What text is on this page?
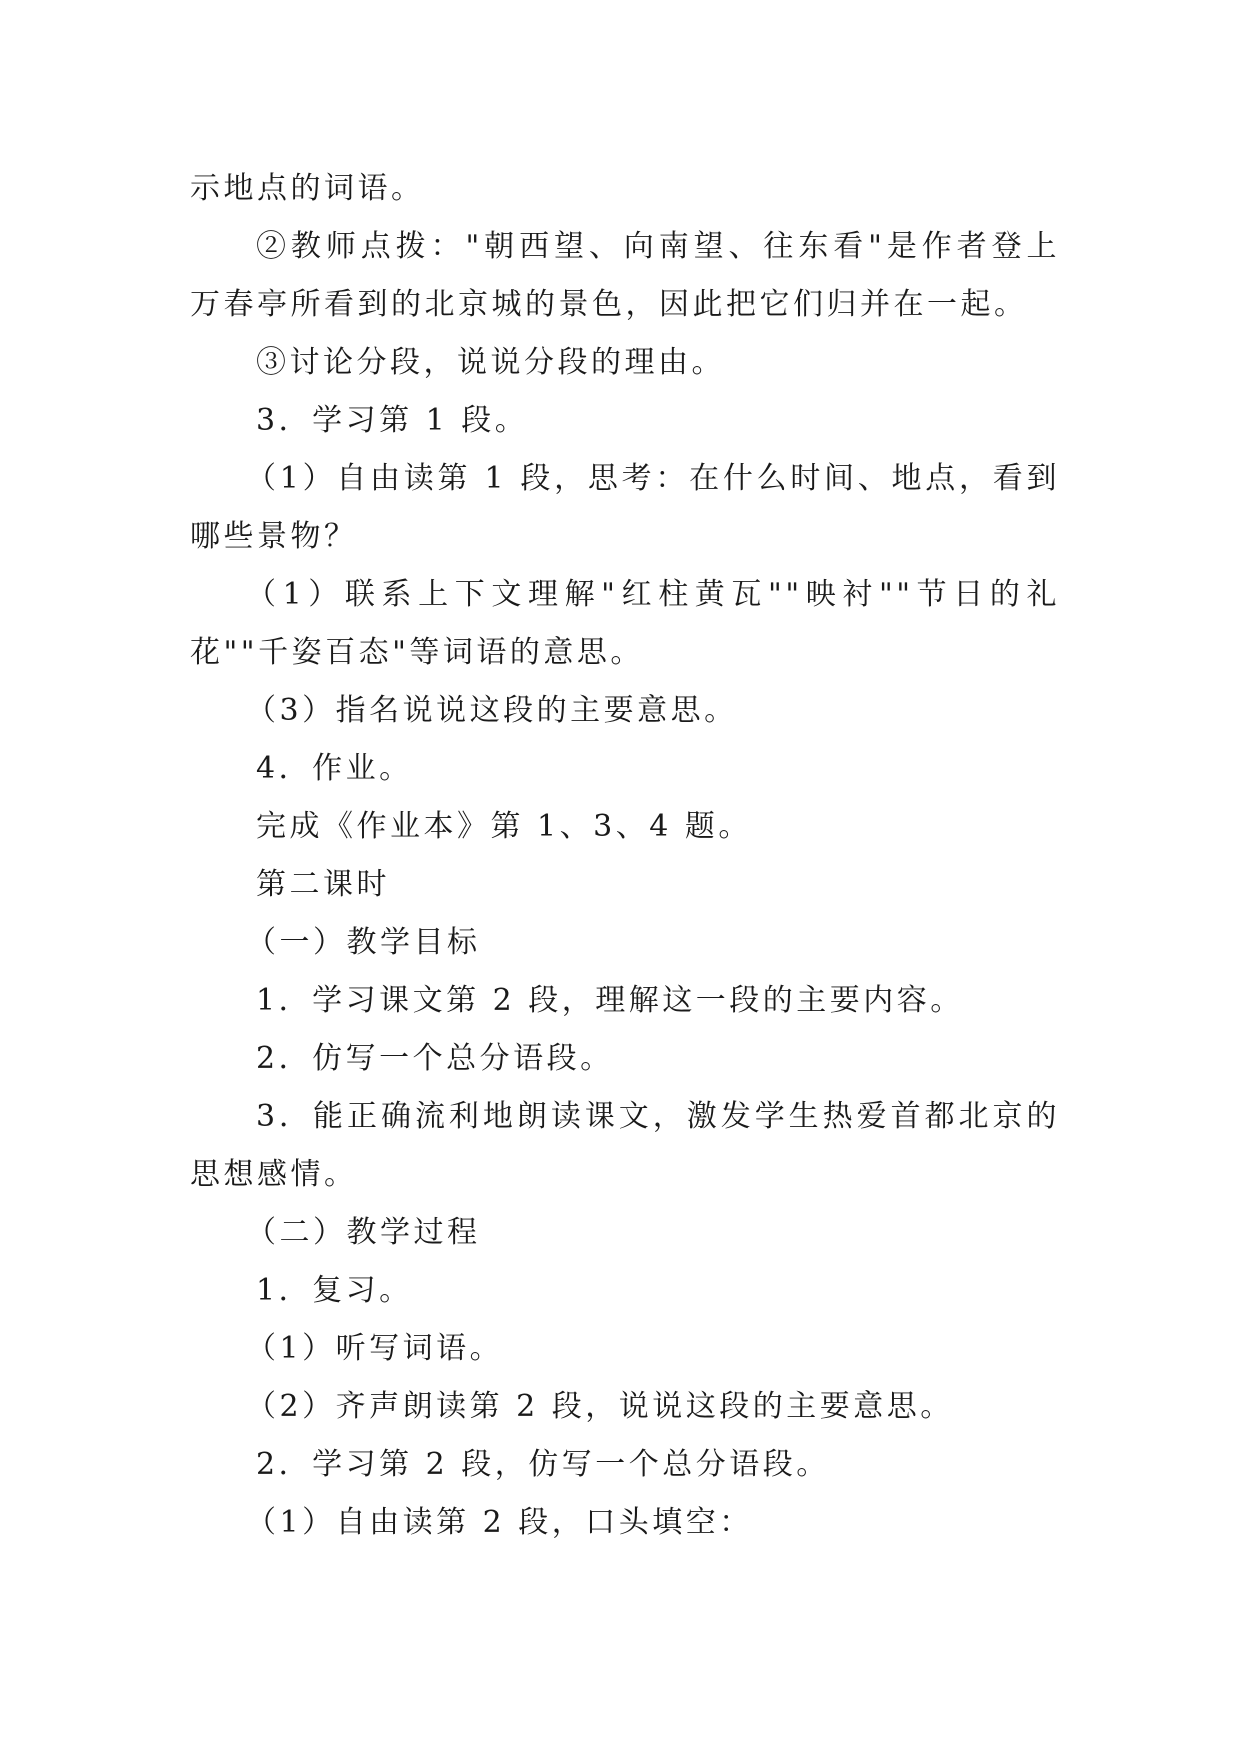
示地点的词语。

②教师点拨："朝西望、向南望、往东看"是作者登上万春亭所看到的北京城的景色，因此把它们归并在一起。

③讨论分段，说说分段的理由。

3．学习第 1 段。

（1）自由读第 1 段，思考：在什么时间、地点，看到哪些景物？

（1）联系上下文理解"红柱黄瓦""映衬""节日的礼花""千姿百态"等词语的意思。

（3）指名说说这段的主要意思。

4．作业。

完成《作业本》第 1、3、4 题。

第二课时

（一）教学目标

1．学习课文第 2 段，理解这一段的主要内容。

2．仿写一个总分语段。

3．能正确流利地朗读课文，激发学生热爱首都北京的思想感情。

（二）教学过程

1．复习。

（1）听写词语。

（2）齐声朗读第 2 段，说说这段的主要意思。

2．学习第 2 段，仿写一个总分语段。

（1）自由读第 2 段，口头填空：
